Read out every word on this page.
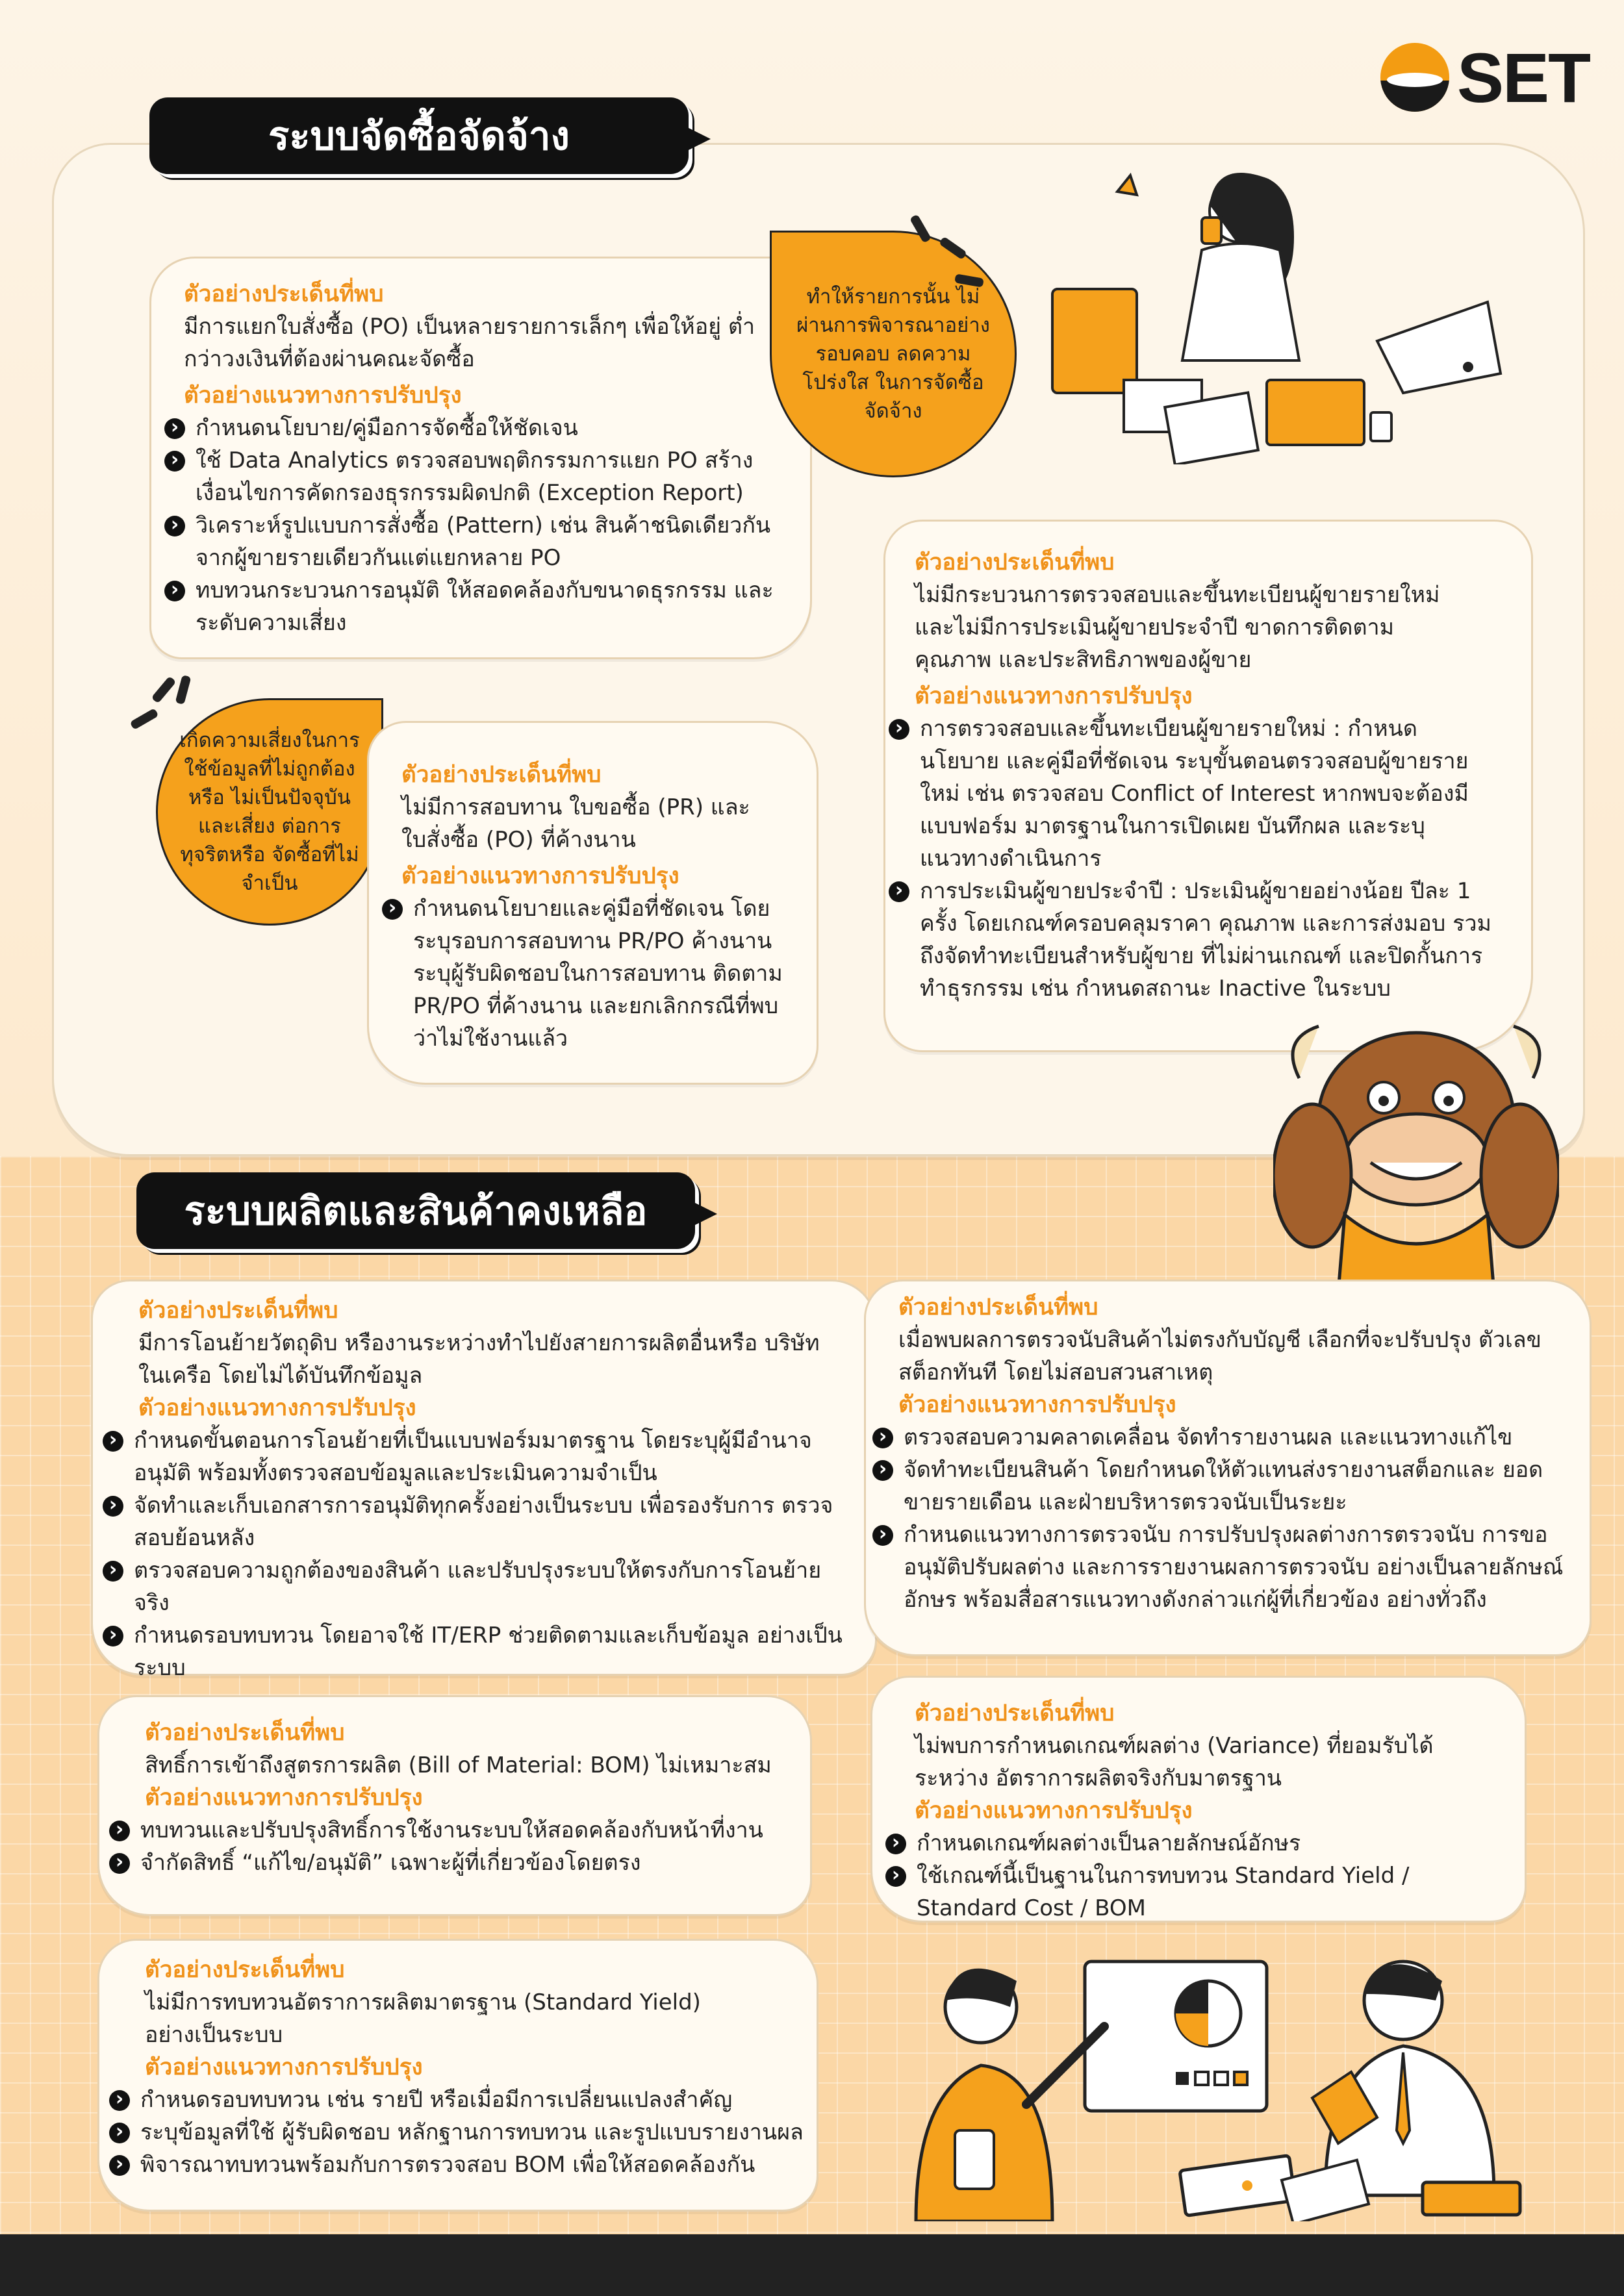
SET
ระบบจัดซื้อจัดจ้าง
ตัวอย่างประเด็นที่พบ
มีการแยกใบสั่งซื้อ (PO) เป็นหลายรายการเล็กๆ เพื่อให้อยู่ ต่ำกว่าวงเงินที่ต้องผ่านคณะจัดซื้อ
ตัวอย่างแนวทางการปรับปรุง
› กำหนดนโยบาย/คู่มือการจัดซื้อให้ชัดเจน
› ใช้ Data Analytics ตรวจสอบพฤติกรรมการแยก PO สร้างเงื่อนไขการคัดกรองธุรกรรมผิดปกติ (Exception Report)
› วิเคราะห์รูปแบบการสั่งซื้อ (Pattern) เช่น สินค้าชนิดเดียวกัน จากผู้ขายรายเดียวกันแต่แยกหลาย PO
› ทบทวนกระบวนการอนุมัติ ให้สอดคล้องกับขนาดธุรกรรม และระดับความเสี่ยง
ทำให้รายการนั้น ไม่ผ่านการพิจารณาอย่าง รอบคอบ ลดความโปร่งใส ในการจัดซื้อจัดจ้าง
ตัวอย่างประเด็นที่พบ
ไม่มีกระบวนการตรวจสอบและขึ้นทะเบียนผู้ขายรายใหม่ และไม่มีการประเมินผู้ขายประจำปี ขาดการติดตามคุณภาพ และประสิทธิภาพของผู้ขาย
ตัวอย่างแนวทางการปรับปรุง
› การตรวจสอบและขึ้นทะเบียนผู้ขายรายใหม่ : กำหนดนโยบาย และคู่มือที่ชัดเจน ระบุขั้นตอนตรวจสอบผู้ขายรายใหม่ เช่น ตรวจสอบ Conflict of Interest หากพบจะต้องมีแบบฟอร์ม มาตรฐานในการเปิดเผย บันทึกผล และระบุแนวทางดำเนินการ
› การประเมินผู้ขายประจำปี : ประเมินผู้ขายอย่างน้อย ปีละ 1 ครั้ง โดยเกณฑ์ครอบคลุมราคา คุณภาพ และการส่งมอบ รวมถึงจัดทำทะเบียนสำหรับผู้ขาย ที่ไม่ผ่านเกณฑ์ และปิดกั้นการทำธุรกรรม เช่น กำหนดสถานะ Inactive ในระบบ
เกิดความเสี่ยงในการ ใช้ข้อมูลที่ไม่ถูกต้อง หรือ ไม่เป็นปัจจุบัน และเสี่ยง ต่อการทุจริตหรือ จัดซื้อที่ไม่จำเป็น
ตัวอย่างประเด็นที่พบ
ไม่มีการสอบทาน ใบขอซื้อ (PR) และ ใบสั่งซื้อ (PO) ที่ค้างนาน
ตัวอย่างแนวทางการปรับปรุง
› กำหนดนโยบายและคู่มือที่ชัดเจน โดยระบุรอบการสอบทาน PR/PO ค้างนาน ระบุผู้รับผิดชอบในการสอบทาน ติดตาม PR/PO ที่ค้างนาน และยกเลิกกรณีที่พบว่าไม่ใช้งานแล้ว
ระบบผลิตและสินค้าคงเหลือ
ตัวอย่างประเด็นที่พบ
มีการโอนย้ายวัตถุดิบ หรืองานระหว่างทำไปยังสายการผลิตอื่นหรือ บริษัทในเครือ โดยไม่ได้บันทึกข้อมูล
ตัวอย่างแนวทางการปรับปรุง
› กำหนดขั้นตอนการโอนย้ายที่เป็นแบบฟอร์มมาตรฐาน โดยระบุผู้มีอำนาจ อนุมัติ พร้อมทั้งตรวจสอบข้อมูลและประเมินความจำเป็น
› จัดทำและเก็บเอกสารการอนุมัติทุกครั้งอย่างเป็นระบบ เพื่อรองรับการ ตรวจสอบย้อนหลัง
› ตรวจสอบความถูกต้องของสินค้า และปรับปรุงระบบให้ตรงกับการโอนย้ายจริง
› กำหนดรอบทบทวน โดยอาจใช้ IT/ERP ช่วยติดตามและเก็บข้อมูล อย่างเป็นระบบ
ตัวอย่างประเด็นที่พบ
เมื่อพบผลการตรวจนับสินค้าไม่ตรงกับบัญชี เลือกที่จะปรับปรุง ตัวเลขสต็อกทันที โดยไม่สอบสวนสาเหตุ
ตัวอย่างแนวทางการปรับปรุง
› ตรวจสอบความคลาดเคลื่อน จัดทำรายงานผล และแนวทางแก้ไข
› จัดทำทะเบียนสินค้า โดยกำหนดให้ตัวแทนส่งรายงานสต็อกและ ยอดขายรายเดือน และฝ่ายบริหารตรวจนับเป็นระยะ
› กำหนดแนวทางการตรวจนับ การปรับปรุงผลต่างการตรวจนับ การขออนุมัติปรับผลต่าง และการรายงานผลการตรวจนับ อย่างเป็นลายลักษณ์อักษร พร้อมสื่อสารแนวทางดังกล่าวแก่ผู้ที่เกี่ยวข้อง อย่างทั่วถึง
ตัวอย่างประเด็นที่พบ
สิทธิ์การเข้าถึงสูตรการผลิต (Bill of Material: BOM) ไม่เหมาะสม
ตัวอย่างแนวทางการปรับปรุง
› ทบทวนและปรับปรุงสิทธิ์การใช้งานระบบให้สอดคล้องกับหน้าที่งาน
› จำกัดสิทธิ์ “แก้ไข/อนุมัติ” เฉพาะผู้ที่เกี่ยวข้องโดยตรง
ตัวอย่างประเด็นที่พบ
ไม่พบการกำหนดเกณฑ์ผลต่าง (Variance) ที่ยอมรับได้ระหว่าง อัตราการผลิตจริงกับมาตรฐาน
ตัวอย่างแนวทางการปรับปรุง
› กำหนดเกณฑ์ผลต่างเป็นลายลักษณ์อักษร
› ใช้เกณฑ์นี้เป็นฐานในการทบทวน Standard Yield / Standard Cost / BOM
ตัวอย่างประเด็นที่พบ
ไม่มีการทบทวนอัตราการผลิตมาตรฐาน (Standard Yield) อย่างเป็นระบบ
ตัวอย่างแนวทางการปรับปรุง
› กำหนดรอบทบทวน เช่น รายปี หรือเมื่อมีการเปลี่ยนแปลงสำคัญ
› ระบุข้อมูลที่ใช้ ผู้รับผิดชอบ หลักฐานการทบทวน และรูปแบบรายงานผล
› พิจารณาทบทวนพร้อมกับการตรวจสอบ BOM เพื่อให้สอดคล้องกัน
